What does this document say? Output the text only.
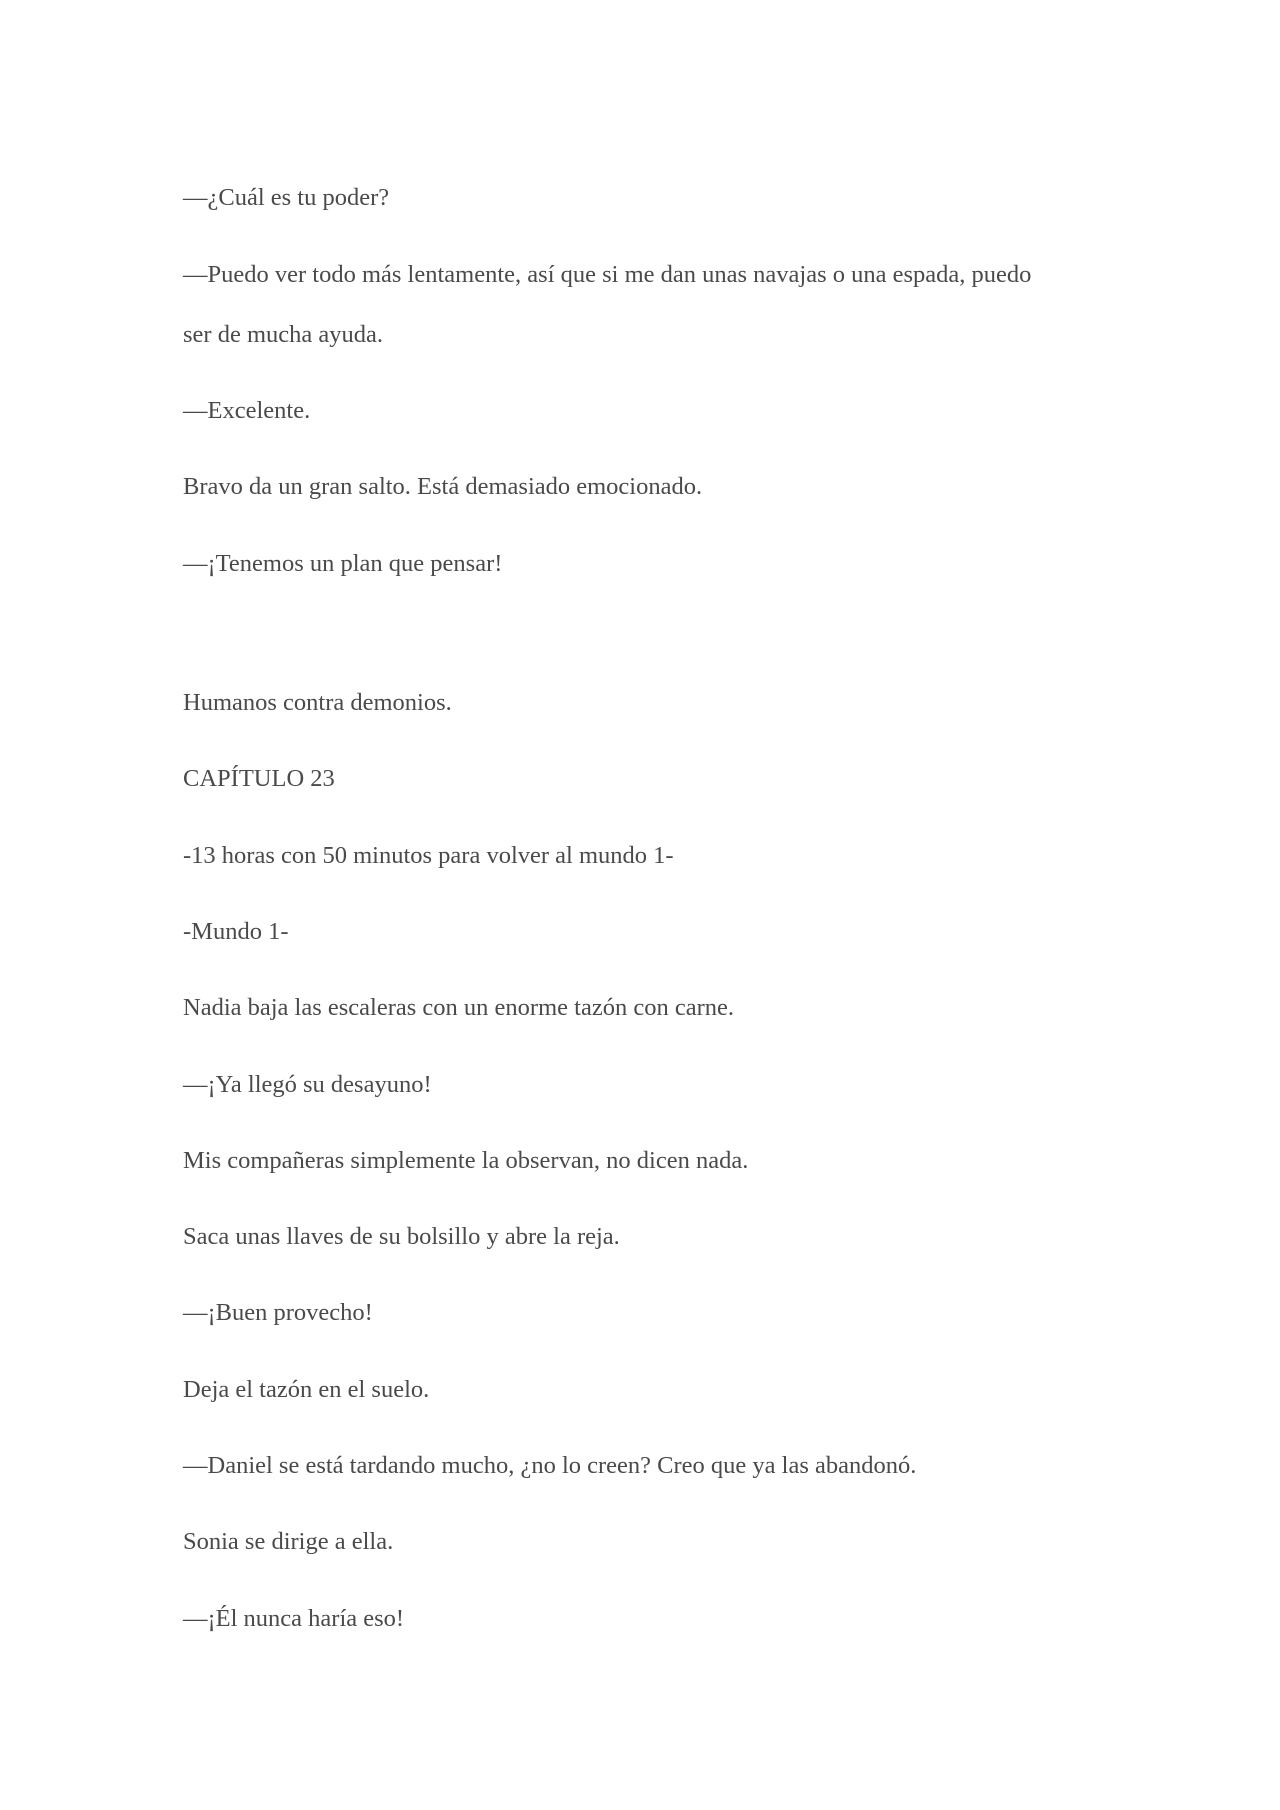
—¿Cuál es tu poder?

—Puedo ver todo más lentamente, así que si me dan unas navajas o una espada, puedo

ser de mucha ayuda.

—Excelente.

Bravo da un gran salto. Está demasiado emocionado.

—¡Tenemos un plan que pensar!

Humanos contra demonios.

CAPÍTULO 23

-13 horas con 50 minutos para volver al mundo 1-

-Mundo 1-

Nadia baja las escaleras con un enorme tazón con carne.

—¡Ya llegó su desayuno!

Mis compañeras simplemente la observan, no dicen nada.

Saca unas llaves de su bolsillo y abre la reja.

—¡Buen provecho!

Deja el tazón en el suelo.

—Daniel se está tardando mucho, ¿no lo creen? Creo que ya las abandonó.

Sonia se dirige a ella.

—¡Él nunca haría eso!
